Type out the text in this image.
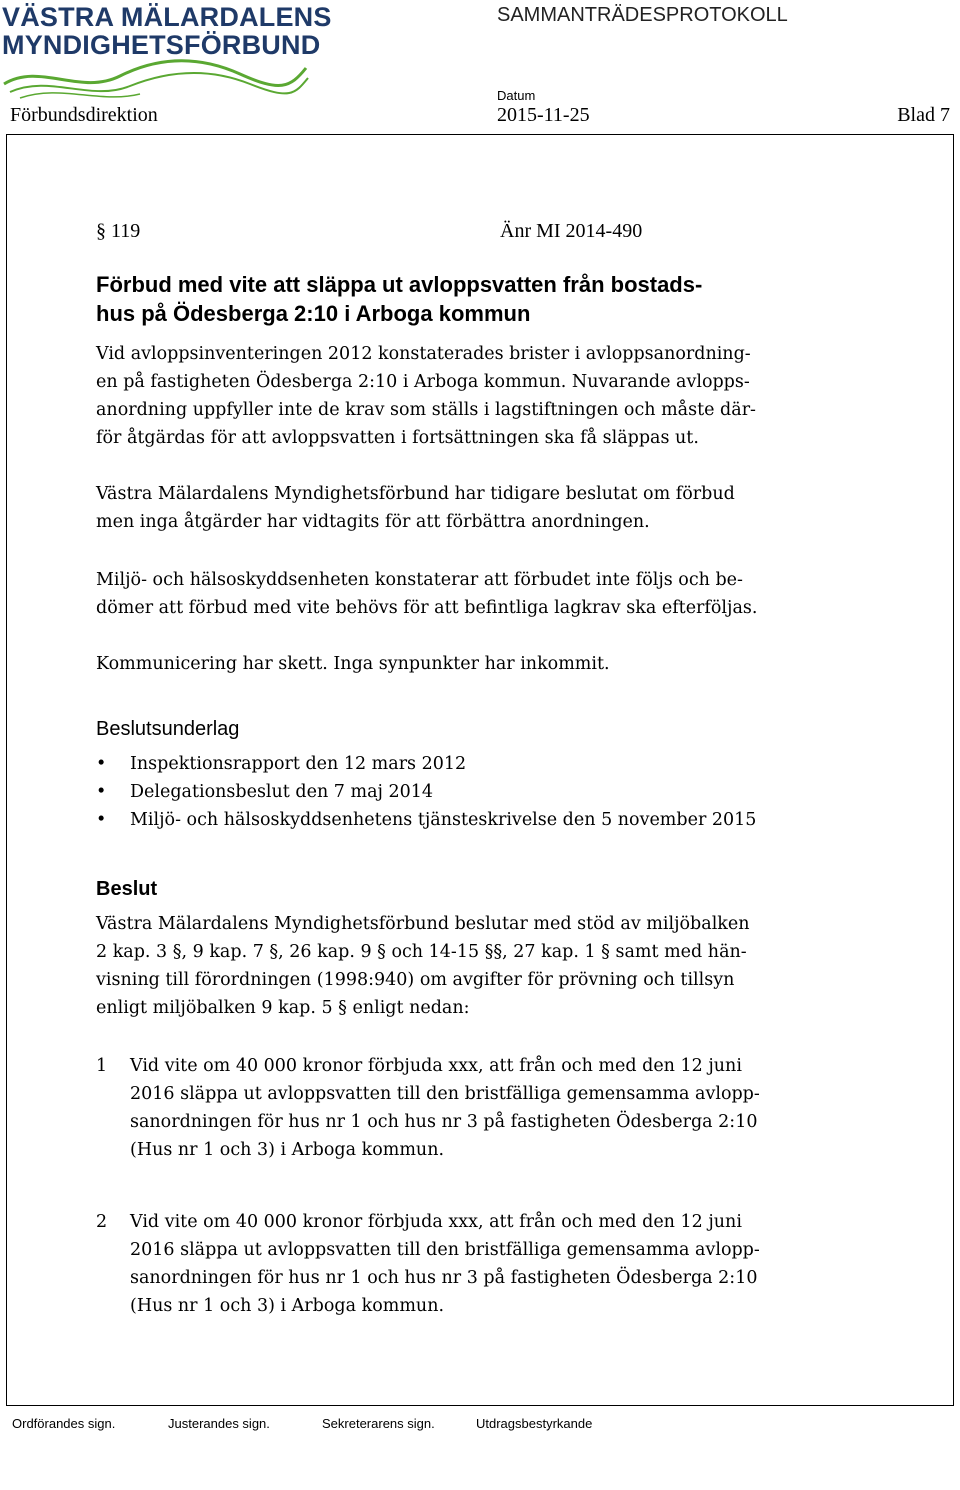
VÄSTRA MÄLARDALENS
MYNDIGHETSFÖRBUND
SAMMANTRÄDESPROTOKOLL
Datum
Förbundsdirektion	2015-11-25	Blad 7
§ 119	Änr MI 2014-490
Förbud med vite att släppa ut avloppsvatten från bostads-
hus på Ödesberga 2:10 i Arboga kommun
Vid avloppsinventeringen 2012 konstaterades brister i avloppsanordning-
en på fastigheten Ödesberga 2:10 i Arboga kommun. Nuvarande avlopps-
anordning uppfyller inte de krav som ställs i lagstiftningen och måste där-
för åtgärdas för att avloppsvatten i fortsättningen ska få släppas ut.
Västra Mälardalens Myndighetsförbund har tidigare beslutat om förbud
men inga åtgärder har vidtagits för att förbättra anordningen.
Miljö- och hälsoskyddsenheten konstaterar att förbudet inte följs och be-
dömer att förbud med vite behövs för att befintliga lagkrav ska efterföljas.
Kommunicering har skett. Inga synpunkter har inkommit.
Beslutsunderlag
• Inspektionsrapport den 12 mars 2012
• Delegationsbeslut den 7 maj 2014
• Miljö- och hälsoskyddsenhetens tjänsteskrivelse den 5 november 2015
Beslut
Västra Mälardalens Myndighetsförbund beslutar med stöd av miljöbalken
2 kap. 3 §, 9 kap. 7 §, 26 kap. 9 § och 14-15 §§, 27 kap. 1 § samt med hän-
visning till förordningen (1998:940) om avgifter för prövning och tillsyn
enligt miljöbalken 9 kap. 5 § enligt nedan:
1 Vid vite om 40 000 kronor förbjuda xxx, att från och med den 12 juni
2016 släppa ut avloppsvatten till den bristfälliga gemensamma avlopp-
sanordningen för hus nr 1 och hus nr 3 på fastigheten Ödesberga 2:10
(Hus nr 1 och 3) i Arboga kommun.
2 Vid vite om 40 000 kronor förbjuda xxx, att från och med den 12 juni
2016 släppa ut avloppsvatten till den bristfälliga gemensamma avlopp-
sanordningen för hus nr 1 och hus nr 3 på fastigheten Ödesberga 2:10
(Hus nr 1 och 3) i Arboga kommun.
Ordförandes sign.	Justerandes sign.	Sekreterarens sign.	Utdragsbestyrkande
